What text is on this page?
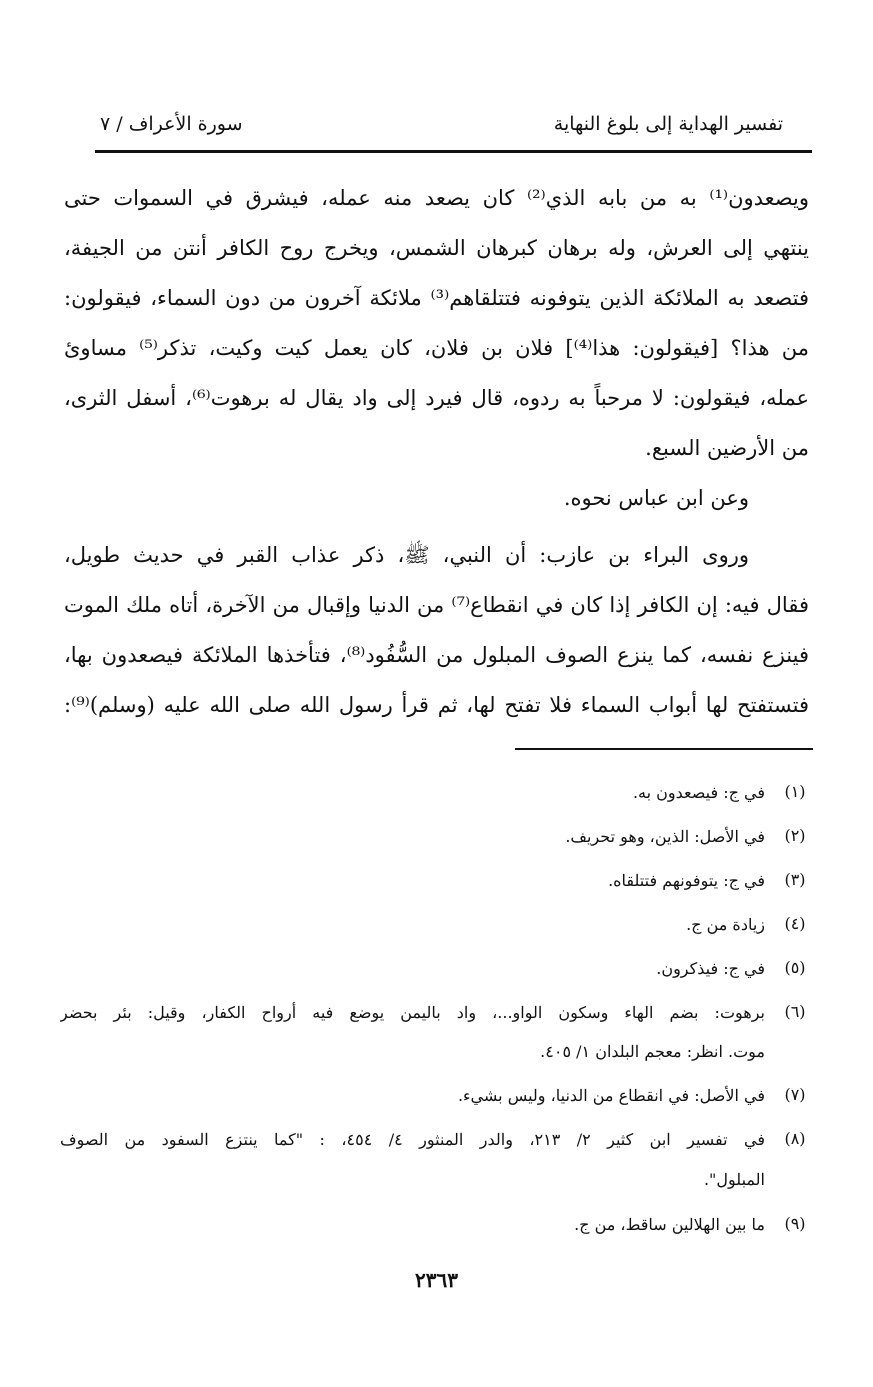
تفسير الهداية إلى بلوغ النهاية
سورة الأعراف / ٧
ويصعدون⁽¹⁾ به من بابه الذي⁽²⁾ كان يصعد منه عمله، فيشرق في السموات حتى
ينتهي إلى العرش، وله برهان كبرهان الشمس، ويخرج روح الكافر أنتن من الجيفة،
فتصعد به الملائكة الذين يتوفونه فتتلقاهم⁽³⁾ ملائكة آخرون من دون السماء، فيقولون:
من هذا؟ [فيقولون: هذا⁽⁴⁾] فلان بن فلان، كان يعمل كيت وكيت، تذكر⁽⁵⁾ مساوئ
عمله، فيقولون: لا مرحباً به ردوه، قال فيرد إلى واد يقال له برهوت⁽⁶⁾، أسفل الثرى،
من الأرضين السبع.
وعن ابن عباس نحوه.
وروى البراء بن عازب: أن النبي، ﷺ، ذكر عذاب القبر في حديث طويل،
فقال فيه: إن الكافر إذا كان في انقطاع⁽⁷⁾ من الدنيا وإقبال من الآخرة، أتاه ملك الموت
فينزع نفسه، كما ينزع الصوف المبلول من السُّفُود⁽⁸⁾، فتأخذها الملائكة فيصعدون بها،
فتستفتح لها أبواب السماء فلا تفتح لها، ثم قرأ رسول الله صلى الله عليه (وسلم)⁽⁹⁾:
(١)
في ج: فيصعدون به.
(٢)
في الأصل: الذين، وهو تحريف.
(٣)
في ج: يتوفونهم فتتلقاه.
(٤)
زيادة من ج.
(٥)
في ج: فيذكرون.
(٦)
برهوت: بضم الهاء وسكون الواو...، واد باليمن يوضع فيه أرواح الكفار، وقيل: بئر بحضر
موت. انظر: معجم البلدان ١/ ٤٠٥.
(٧)
في الأصل: في انقطاع من الدنيا، وليس بشيء.
(٨)
في تفسير ابن كثير ٢/ ٢١٣، والدر المنثور ٤/ ٤٥٤، : "كما ينتزع السفود من الصوف
المبلول".
(٩)
ما بين الهلالين ساقط، من ج.
٢٣٦٣
